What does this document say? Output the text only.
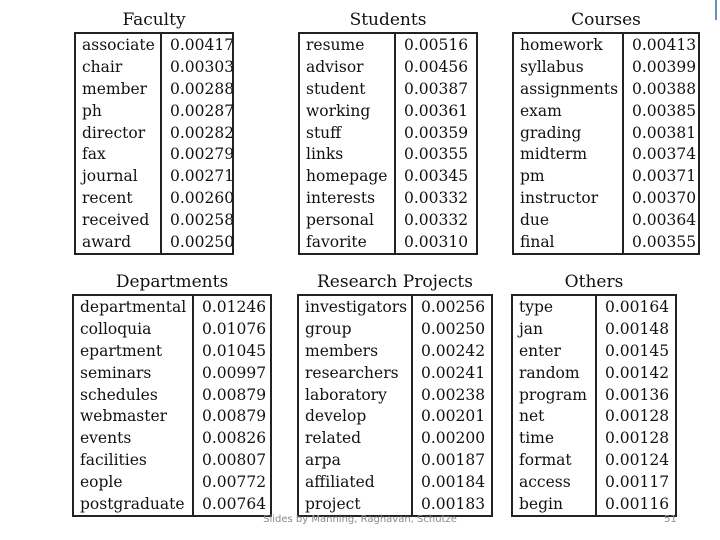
Faculty
associate 0.00417
chair	0.00303
member	0.00288
ph	0.00287
director	0.00282
fax	0.00279
journal	0.00271
recent	0.00260
received	0.00258
award	0.00250
Students
resume	0.00516
advisor	0.00456
student	0.00387
working	0.00361
stuff	0.00359
links	0.00355
homepage	0.00345
interests	0.00332
personal	0.00332
favorite	0.00310
Courses
homework	0.00413
syllabus	0.00399
assignments 0.00388
exam	0.00385
grading	0.00381
midterm	0.00374
pm	0.00371
instructor	0.00370
due	0.00364
final	0.00355
Departments
departmental	0.01246
colloquia	0.01076
epartment	0.01045
seminars	0.00997
schedules	0.00879
webmaster	0.00879
events	0.00826
facilities	0.00807
eople	0.00772
postgraduate	0.00764
Research Projects
investigators 0.00256
group	0.00250
members	0.00242
researchers	0.00241
laboratory	0.00238
develop	0.00201
related	0.00200
arpa	0.00187
affiliated	0.00184
project	0.00183
Others
type	0.00164
jan	0.00148
enter	0.00145
random	0.00142
program	0.00136
net	0.00128
time	0.00128
format	0.00124
access	0.00117
begin	0.00116
Slides by Manning, Raghavan, Schutze	51
